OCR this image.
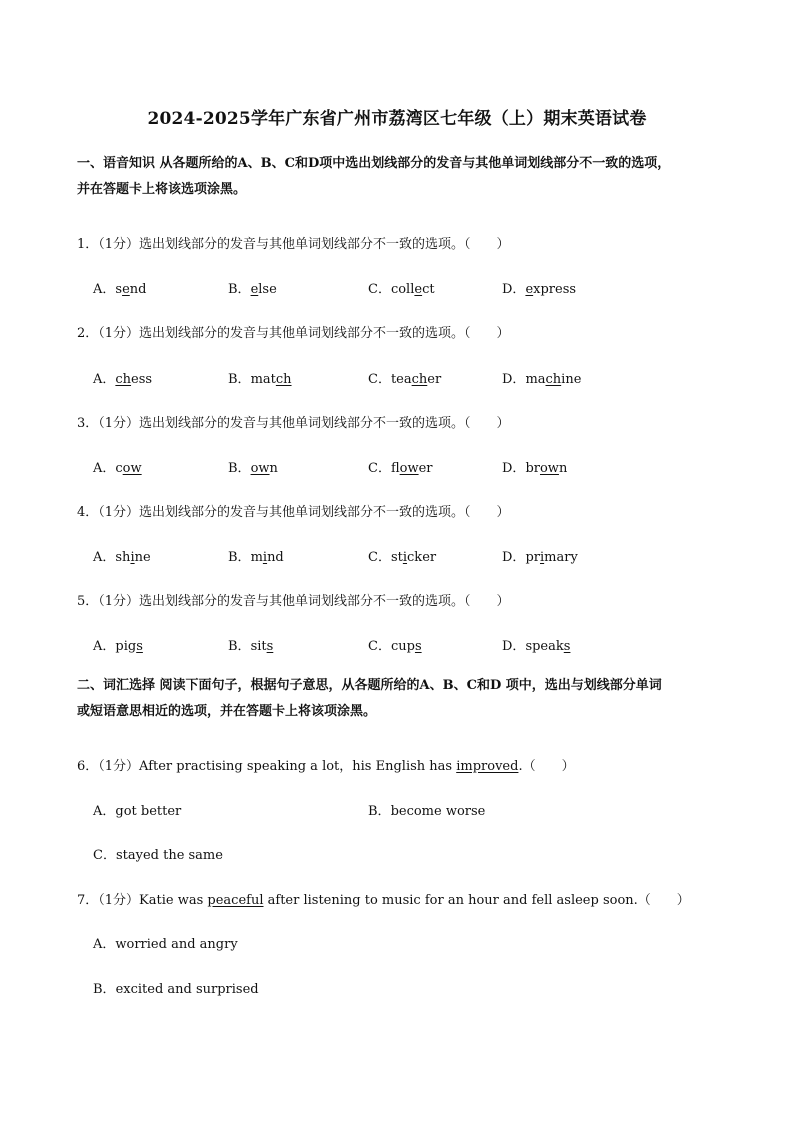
2024-2025学年广东省广州市荔湾区七年级（上）期末英语试卷
一、语音知识 从各题所给的A、B、C和D项中选出划线部分的发音与其他单词划线部分不一致的选项，
并在答题卡上将该选项涂黑。
1．（1分）选出划线部分的发音与其他单词划线部分不一致的选项。（　　）
A．send	B．else	C．collect	D．express
2．（1分）选出划线部分的发音与其他单词划线部分不一致的选项。（　　）
A．chess	B．match	C．teacher	D．machine
3．（1分）选出划线部分的发音与其他单词划线部分不一致的选项。（　　）
A．cow	B．own	C．flower	D．brown
4．（1分）选出划线部分的发音与其他单词划线部分不一致的选项。（　　）
A．shine	B．mind	C．sticker	D．primary
5．（1分）选出划线部分的发音与其他单词划线部分不一致的选项。（　　）
A．pigs	B．sits	C．cups	D．speaks
二、词汇选择 阅读下面句子，根据句子意思，从各题所给的A、B、C和D 项中，选出与划线部分单词
或短语意思相近的选项，并在答题卡上将该项涂黑。
6．（1分）After practising speaking a lot，his English has improved.（　　）
A．got better	B．become worse
C．stayed the same
7．（1分）Katie was peaceful after listening to music for an hour and fell asleep soon.（　　）
A．worried and angry
B．excited and surprised
